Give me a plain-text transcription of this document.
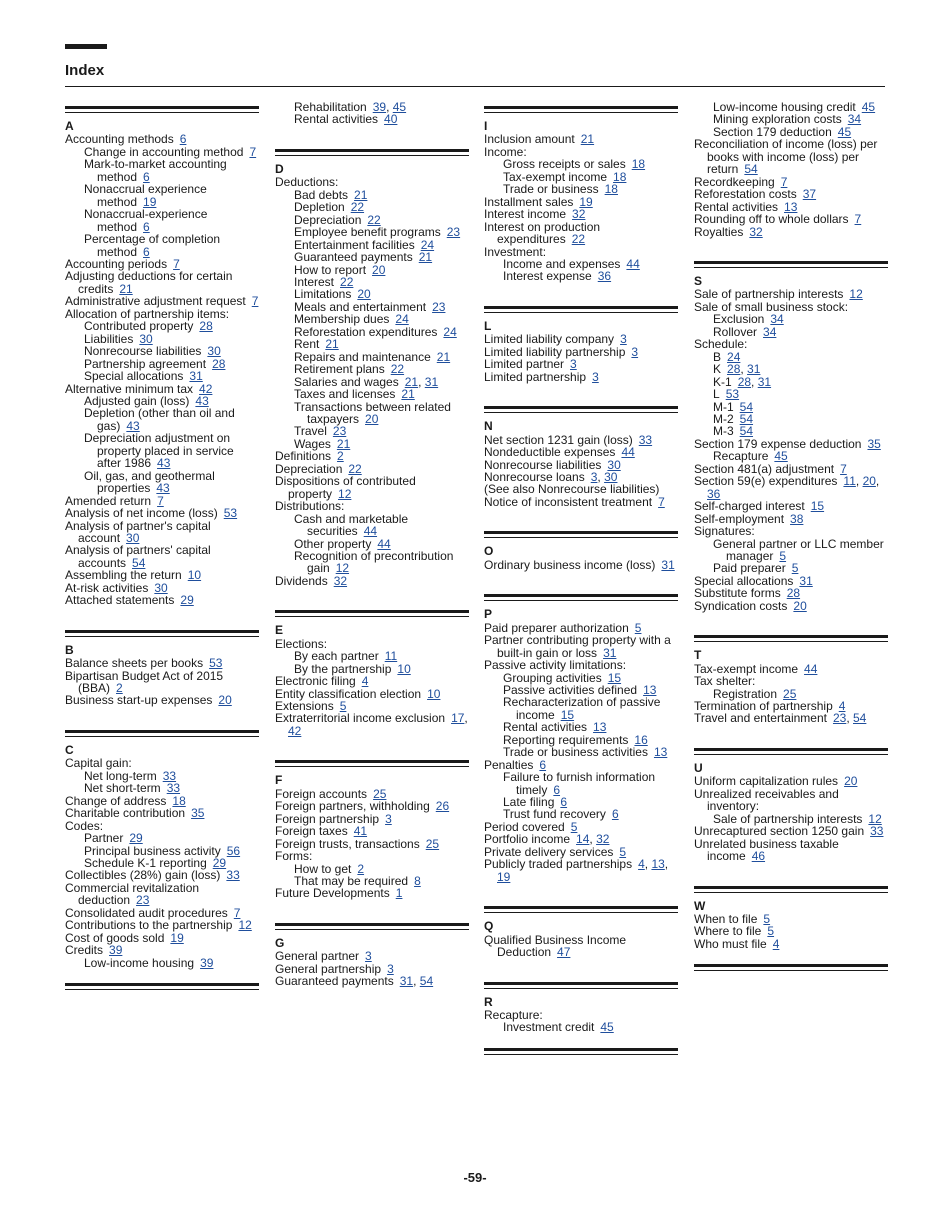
Index
A
Accounting methods 6
Change in accounting method 7
Mark-to-market accounting method 6
Nonaccrual experience method 19
Nonaccrual-experience method 6
Percentage of completion method 6
Accounting periods 7
Adjusting deductions for certain credits 21
Administrative adjustment request 7
Allocation of partnership items:
Contributed property 28
Liabilities 30
Nonrecourse liabilities 30
Partnership agreement 28
Special allocations 31
Alternative minimum tax 42
Adjusted gain (loss) 43
Depletion (other than oil and gas) 43
Depreciation adjustment on property placed in service after 1986 43
Oil, gas, and geothermal properties 43
Amended return 7
Analysis of net income (loss) 53
Analysis of partner's capital account 30
Analysis of partners' capital accounts 54
Assembling the return 10
At-risk activities 30
Attached statements 29
B
Balance sheets per books 53
Bipartisan Budget Act of 2015 (BBA) 2
Business start-up expenses 20
C
Capital gain:
Net long-term 33
Net short-term 33
Change of address 18
Charitable contribution 35
Codes:
Partner 29
Principal business activity 56
Schedule K-1 reporting 29
Collectibles (28%) gain (loss) 33
Commercial revitalization deduction 23
Consolidated audit procedures 7
Contributions to the partnership 12
Cost of goods sold 19
Credits 39
Low-income housing 39
Rehabilitation 39, 45
Rental activities 40
D
Deductions:
Bad debts 21
Depletion 22
Depreciation 22
Employee benefit programs 23
Entertainment facilities 24
Guaranteed payments 21
How to report 20
Interest 22
Limitations 20
Meals and entertainment 23
Membership dues 24
Reforestation expenditures 24
Rent 21
Repairs and maintenance 21
Retirement plans 22
Salaries and wages 21, 31
Taxes and licenses 21
Transactions between related taxpayers 20
Travel 23
Wages 21
Definitions 2
Depreciation 22
Dispositions of contributed property 12
Distributions:
Cash and marketable securities 44
Other property 44
Recognition of precontribution gain 12
Dividends 32
E
Elections:
By each partner 11
By the partnership 10
Electronic filing 4
Entity classification election 10
Extensions 5
Extraterritorial income exclusion 17, 42
F
Foreign accounts 25
Foreign partners, withholding 26
Foreign partnership 3
Foreign taxes 41
Foreign trusts, transactions 25
Forms:
How to get 2
That may be required 8
Future Developments 1
G
General partner 3
General partnership 3
Guaranteed payments 31, 54
I
Inclusion amount 21
Income:
Gross receipts or sales 18
Tax-exempt income 18
Trade or business 18
Installment sales 19
Interest income 32
Interest on production expenditures 22
Investment:
Income and expenses 44
Interest expense 36
L
Limited liability company 3
Limited liability partnership 3
Limited partner 3
Limited partnership 3
N
Net section 1231 gain (loss) 33
Nondeductible expenses 44
Nonrecourse liabilities 30
Nonrecourse loans 3, 30
(See also Nonrecourse liabilities)
Notice of inconsistent treatment 7
O
Ordinary business income (loss) 31
P
Paid preparer authorization 5
Partner contributing property with a built-in gain or loss 31
Passive activity limitations:
Grouping activities 15
Passive activities defined 13
Recharacterization of passive income 15
Rental activities 13
Reporting requirements 16
Trade or business activities 13
Penalties 6
Failure to furnish information timely 6
Late filing 6
Trust fund recovery 6
Period covered 5
Portfolio income 14, 32
Private delivery services 5
Publicly traded partnerships 4, 13, 19
Q
Qualified Business Income Deduction 47
R
Recapture:
Investment credit 45
Low-income housing credit 45
Mining exploration costs 34
Section 179 deduction 45
Reconciliation of income (loss) per books with income (loss) per return 54
Recordkeeping 7
Reforestation costs 37
Rental activities 13
Rounding off to whole dollars 7
Royalties 32
S
Sale of partnership interests 12
Sale of small business stock:
Exclusion 34
Rollover 34
Schedule:
B 24
K 28, 31
K-1 28, 31
L 53
M-1 54
M-2 54
M-3 54
Section 179 expense deduction 35
Recapture 45
Section 481(a) adjustment 7
Section 59(e) expenditures 11, 20, 36
Self-charged interest 15
Self-employment 38
Signatures:
General partner or LLC member manager 5
Paid preparer 5
Special allocations 31
Substitute forms 28
Syndication costs 20
T
Tax-exempt income 44
Tax shelter:
Registration 25
Termination of partnership 4
Travel and entertainment 23, 54
U
Uniform capitalization rules 20
Unrealized receivables and inventory:
Sale of partnership interests 12
Unrecaptured section 1250 gain 33
Unrelated business taxable income 46
W
When to file 5
Where to file 5
Who must file 4
-59-
